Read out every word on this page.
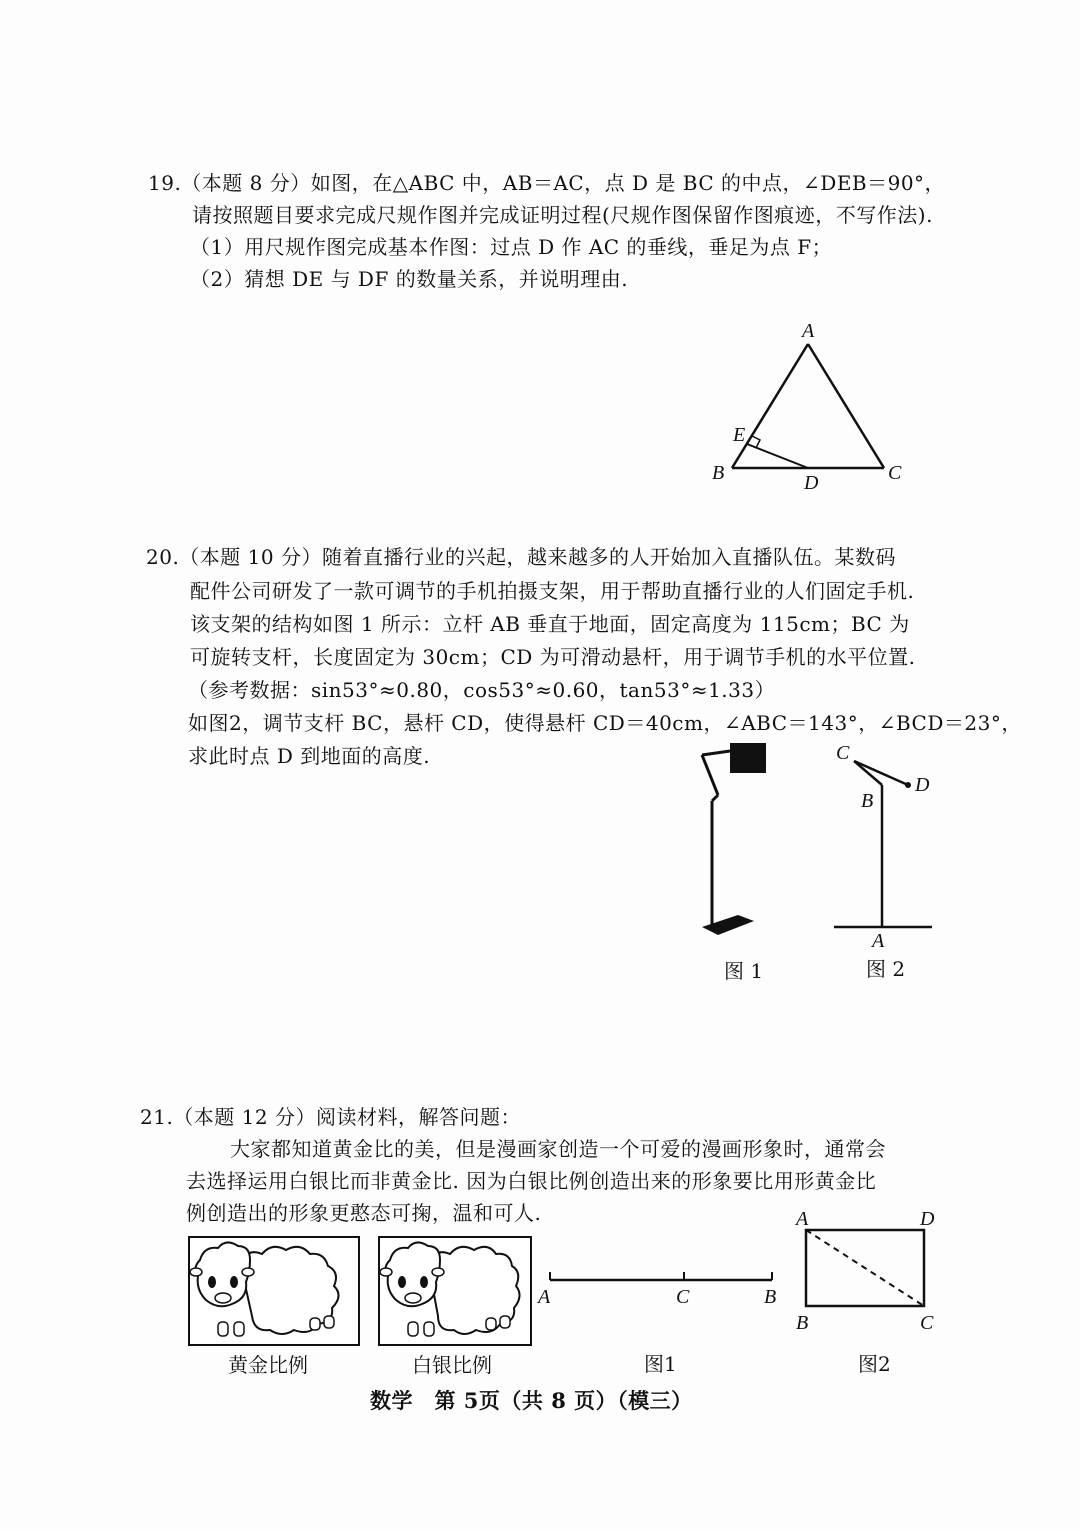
19.（本题 8 分）如图，在△ABC 中，AB＝AC，点 D 是 BC 的中点，∠DEB＝90°，
请按照题目要求完成尺规作图并完成证明过程(尺规作图保留作图痕迹，不写作法).
（1）用尺规作图完成基本作图：过点 D 作 AC 的垂线，垂足为点 F；
（2）猜想 DE 与 DF 的数量关系，并说明理由.
A
E
B	D	C
20.（本题 10 分）随着直播行业的兴起，越来越多的人开始加入直播队伍。某数码
配件公司研发了一款可调节的手机拍摄支架，用于帮助直播行业的人们固定手机.
该支架的结构如图 1 所示：立杆 AB 垂直于地面，固定高度为 115cm；BC 为
可旋转支杆，长度固定为 30cm；CD 为可滑动悬杆，用于调节手机的水平位置.
（参考数据：sin53°≈0.80，cos53°≈0.60，tan53°≈1.33）
如图2，调节支杆 BC，悬杆 CD，使得悬杆 CD＝40cm，∠ABC＝143°，∠BCD＝23°，
求此时点 D 到地面的高度.
图 1
C
D
B
A
图 2
21.（本题 12 分）阅读材料，解答问题：
大家都知道黄金比的美，但是漫画家创造一个可爱的漫画形象时，通常会
去选择运用白银比而非黄金比. 因为白银比例创造出来的形象要比用形黄金比
例创造出的形象更憨态可掬，温和可人.
黄金比例	白银比例
A	C	B
图1
A	D
B	C
图2
数学　第 5页（共 8 页）（模三）
